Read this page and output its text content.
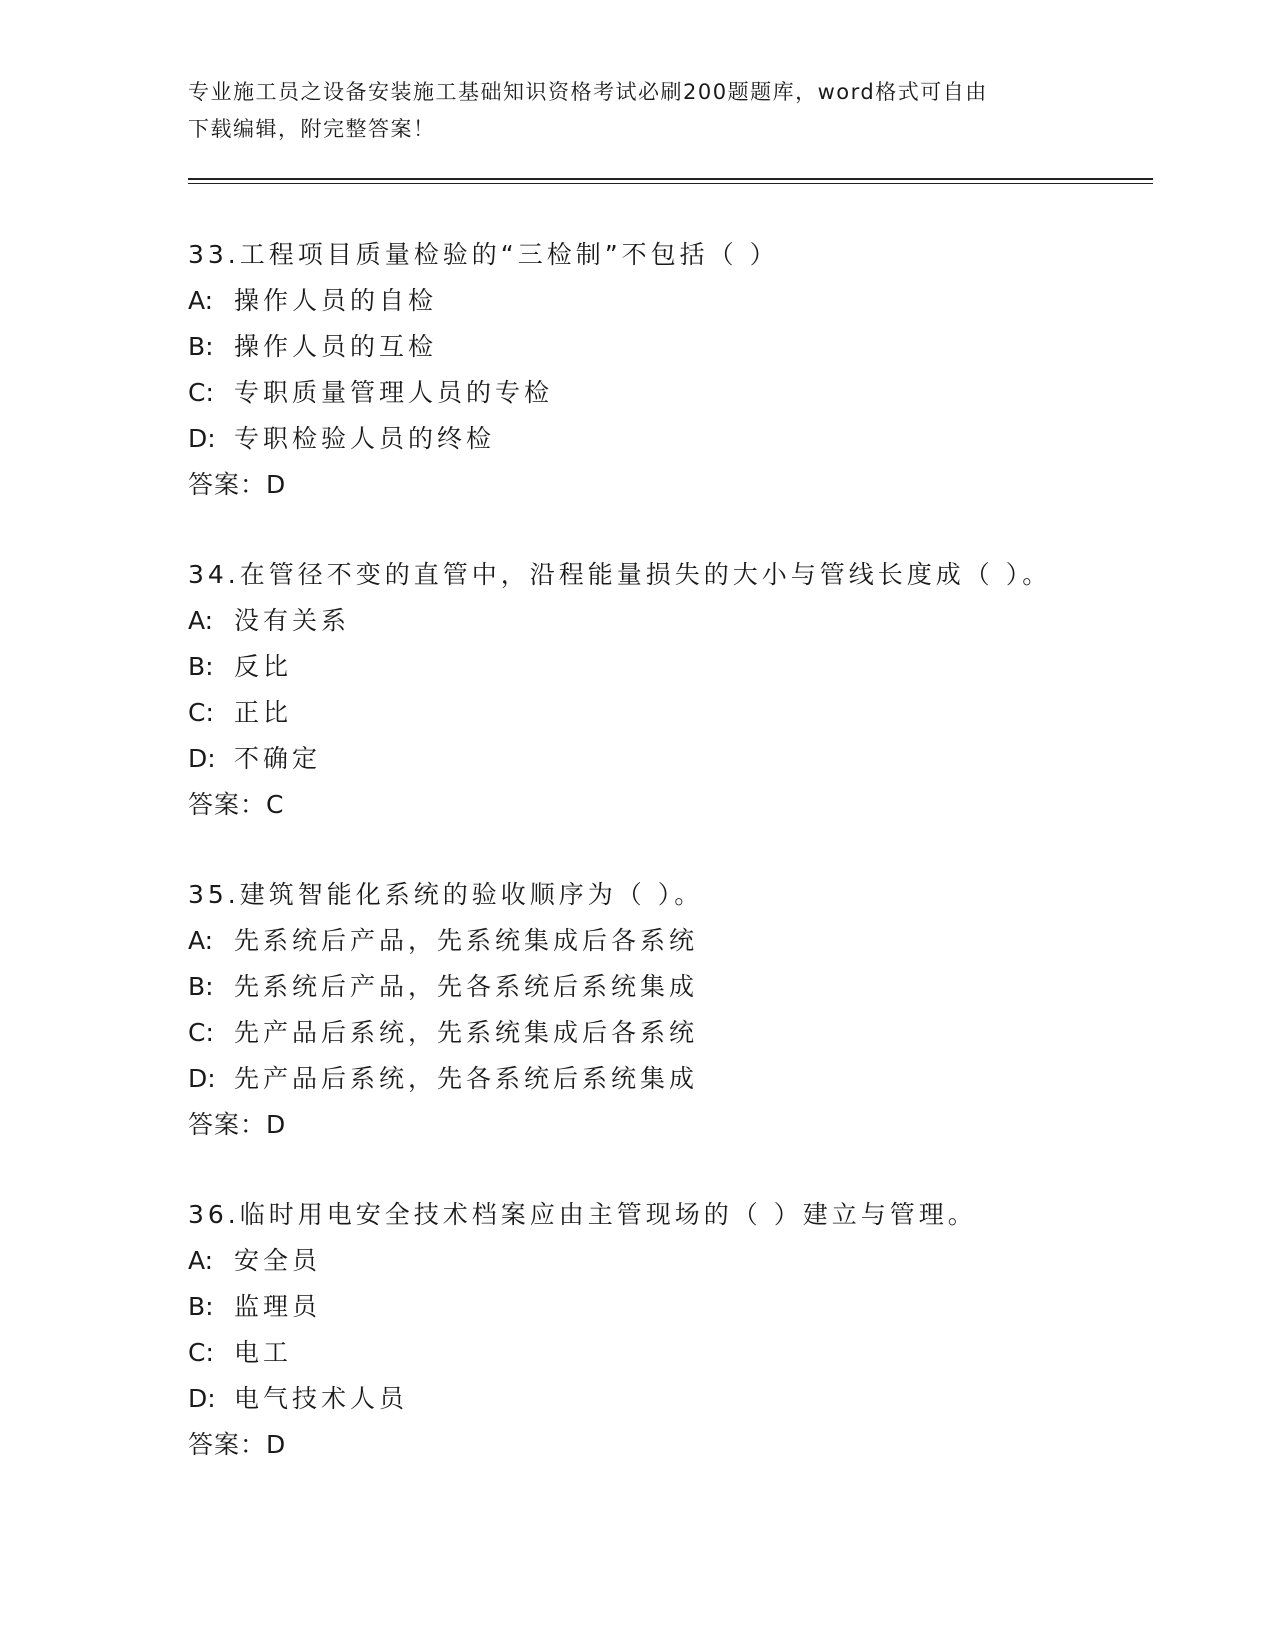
专业施工员之设备安装施工基础知识资格考试必刷200题题库，word格式可自由
下载编辑，附完整答案！
33.工程项目质量检验的“三检制”不包括（ ）
A: 操作人员的自检
B: 操作人员的互检
C: 专职质量管理人员的专检
D: 专职检验人员的终检
答案：D
34.在管径不变的直管中，沿程能量损失的大小与管线长度成（ ）。
A: 没有关系
B: 反比
C: 正比
D: 不确定
答案：C
35.建筑智能化系统的验收顺序为（ ）。
A: 先系统后产品，先系统集成后各系统
B: 先系统后产品，先各系统后系统集成
C: 先产品后系统，先系统集成后各系统
D: 先产品后系统，先各系统后系统集成
答案：D
36.临时用电安全技术档案应由主管现场的（ ）建立与管理。
A: 安全员
B: 监理员
C: 电工
D: 电气技术人员
答案：D
